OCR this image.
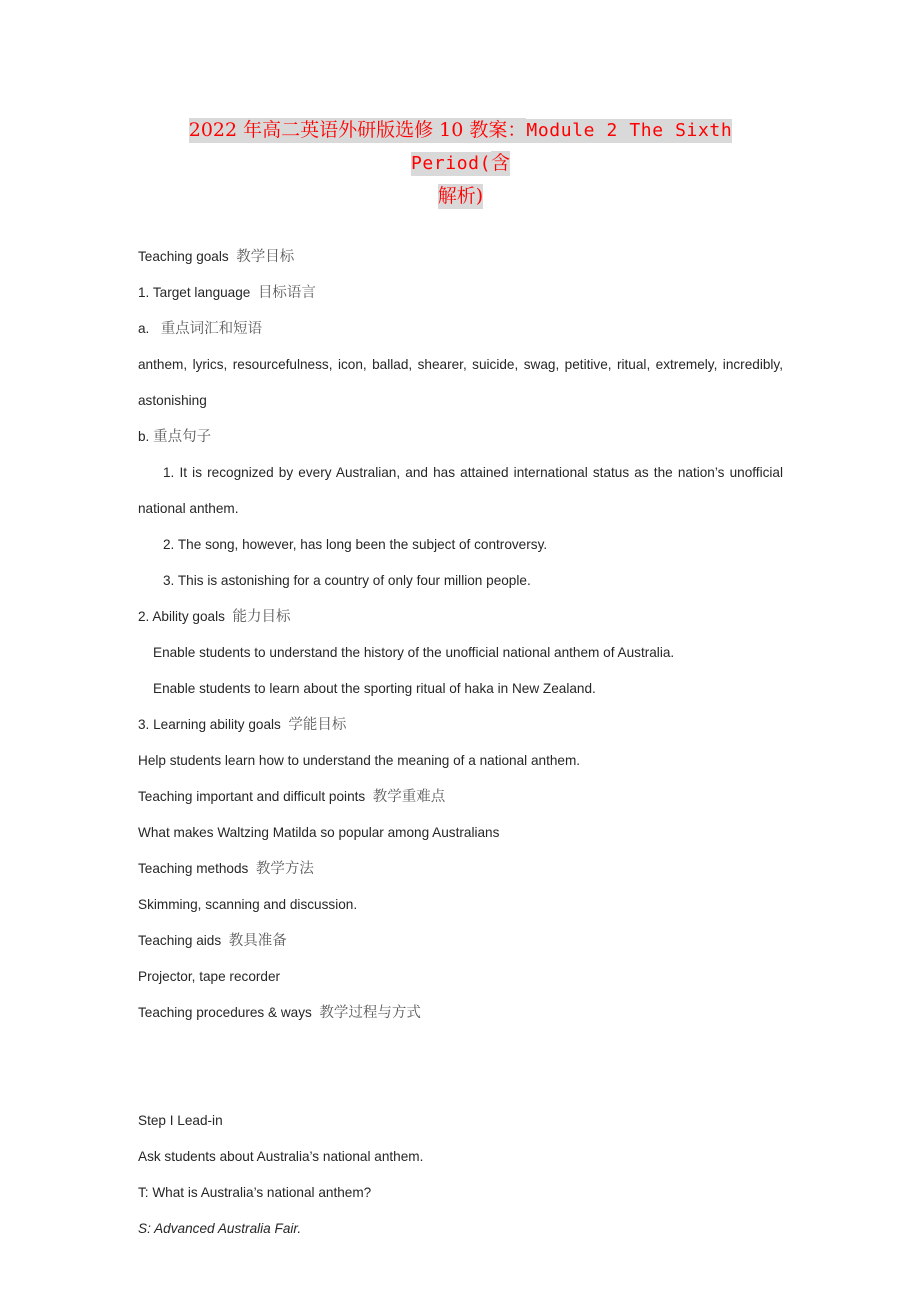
2022 年高二英语外研版选修 10 教案：Module 2 The Sixth Period(含
解析)

Teaching goals 教学目标

1. Target language 目标语言

a. 重点词汇和短语

anthem, lyrics, resourcefulness, icon, ballad, shearer, suicide, swag, petitive, ritual, extremely, incredibly, astonishing

b. 重点句子

1. It is recognized by every Australian, and has attained international status as the nation’s unofficial national anthem.

2. The song, however, has long been the subject of controversy.

3. This is astonishing for a country of only four million people.

2. Ability goals 能力目标

Enable students to understand the history of the unofficial national anthem of Australia.

Enable students to learn about the sporting ritual of haka in New Zealand.

3. Learning ability goals 学能目标

Help students learn how to understand the meaning of a national anthem.

Teaching important and difficult points 教学重难点

What makes Waltzing Matilda so popular among Australians

Teaching methods 教学方法

Skimming, scanning and discussion.

Teaching aids 教具准备

Projector, tape recorder

Teaching procedures & ways 教学过程与方式

Step I Lead-in

Ask students about Australia’s national anthem.

T: What is Australia’s national anthem?

S: Advanced Australia Fair.
